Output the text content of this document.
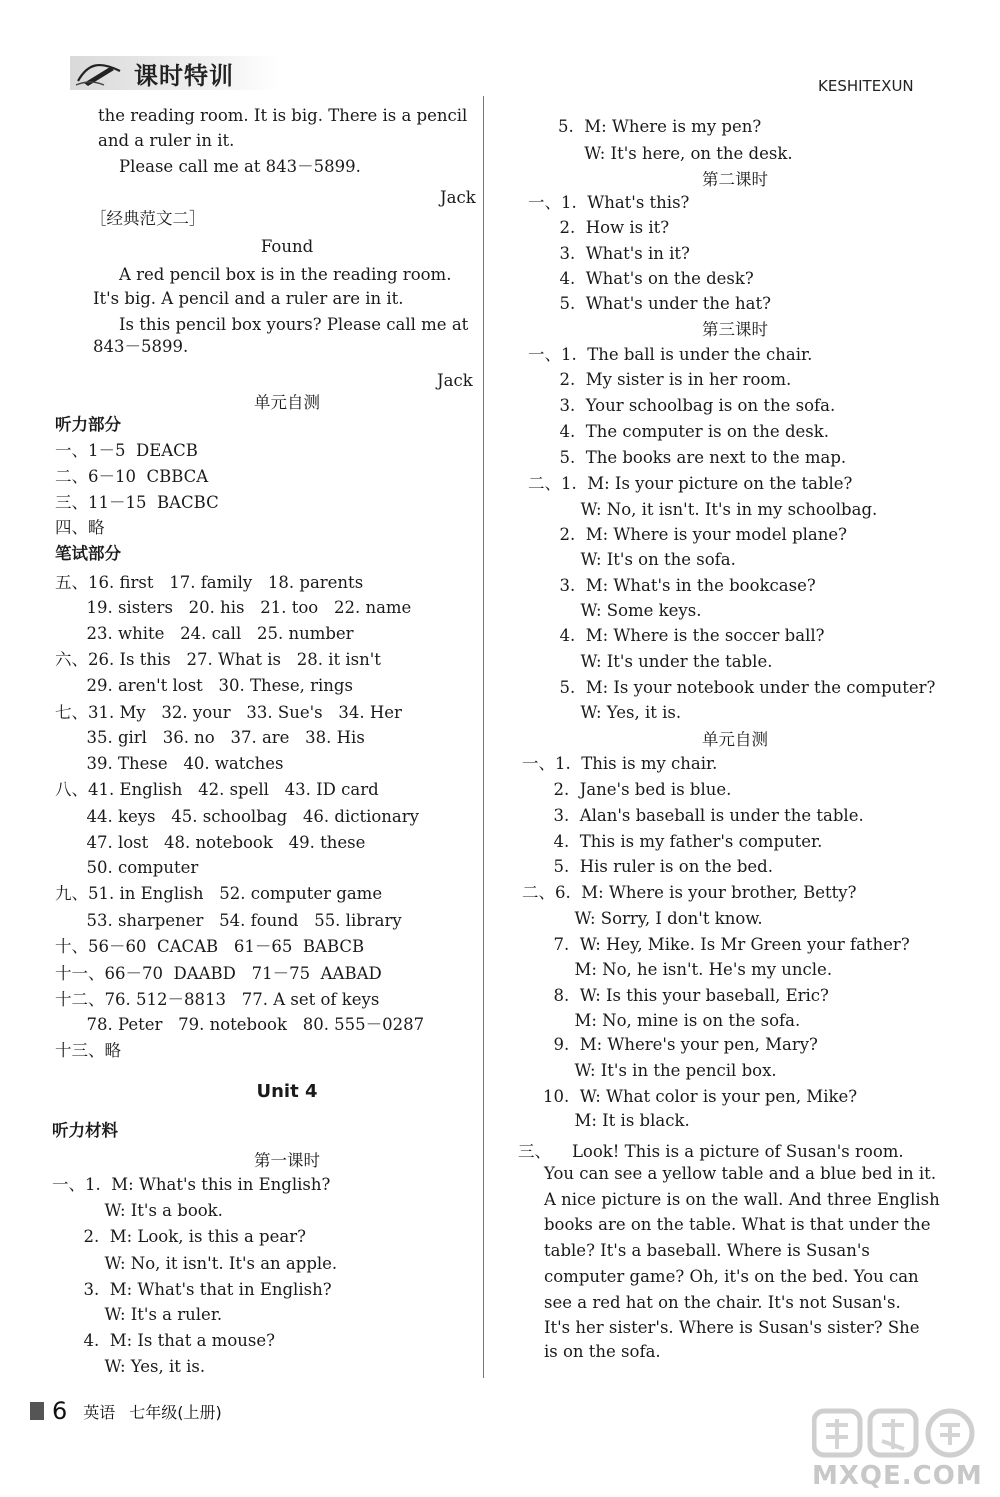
课时特训	KESHITEXUN
the reading room. It is big. There is a pencil
and a ruler in it.
Please call me at 843－5899.
Jack
［经典范文二］
Found
A red pencil box is in the reading room.
It's big. A pencil and a ruler are in it.
Is this pencil box yours? Please call me at
843－5899.
Jack
单元自测
听力部分
一、1－5  DEACB
二、6－10  CBBCA
三、11－15  BACBC
四、略
笔试部分
五、16. first   17. family   18. parents
19. sisters   20. his   21. too   22. name
23. white   24. call   25. number
六、26. Is this   27. What is   28. it isn't
29. aren't lost   30. These, rings
七、31. My   32. your   33. Sue's   34. Her
35. girl   36. no   37. are   38. His
39. These   40. watches
八、41. English   42. spell   43. ID card
44. keys   45. schoolbag   46. dictionary
47. lost   48. notebook   49. these
50. computer
九、51. in English   52. computer game
53. sharpener   54. found   55. library
十、56－60  CACAB   61－65  BABCB
十一、66－70  DAABD   71－75  AABAD
十二、76. 512－8813   77. A set of keys
78. Peter   79. notebook   80. 555－0287
十三、略
Unit 4
听力材料
第一课时
一、1.  M: What's this in English?
W: It's a book.
2.  M: Look, is this a pear?
W: No, it isn't. It's an apple.
3.  M: What's that in English?
W: It's a ruler.
4.  M: Is that a mouse?
W: Yes, it is.
5.  M: Where is my pen?
W: It's here, on the desk.
第二课时
一、1.  What's this?
2.  How is it?
3.  What's in it?
4.  What's on the desk?
5.  What's under the hat?
第三课时
一、1.  The ball is under the chair.
2.  My sister is in her room.
3.  Your schoolbag is on the sofa.
4.  The computer is on the desk.
5.  The books are next to the map.
二、1.  M: Is your picture on the table?
W: No, it isn't. It's in my schoolbag.
2.  M: Where is your model plane?
W: It's on the sofa.
3.  M: What's in the bookcase?
W: Some keys.
4.  M: Where is the soccer ball?
W: It's under the table.
5.  M: Is your notebook under the computer?
W: Yes, it is.
单元自测
一、1.  This is my chair.
2.  Jane's bed is blue.
3.  Alan's baseball is under the table.
4.  This is my father's computer.
5.  His ruler is on the bed.
二、6.  M: Where is your brother, Betty?
W: Sorry, I don't know.
7.  W: Hey, Mike. Is Mr Green your father?
M: No, he isn't. He's my uncle.
8.  W: Is this your baseball, Eric?
M: No, mine is on the sofa.
9.  M: Where's your pen, Mary?
W: It's in the pencil box.
10.  W: What color is your pen, Mike?
M: It is black.
三、    Look! This is a picture of Susan's room.
You can see a yellow table and a blue bed in it.
A nice picture is on the wall. And three English
books are on the table. What is that under the
table? It's a baseball. Where is Susan's
computer game? Oh, it's on the bed. You can
see a red hat on the chair. It's not Susan's.
It's her sister's. Where is Susan's sister? She
is on the sofa.
6 英语 七年级(上册)
MXQE.COM
